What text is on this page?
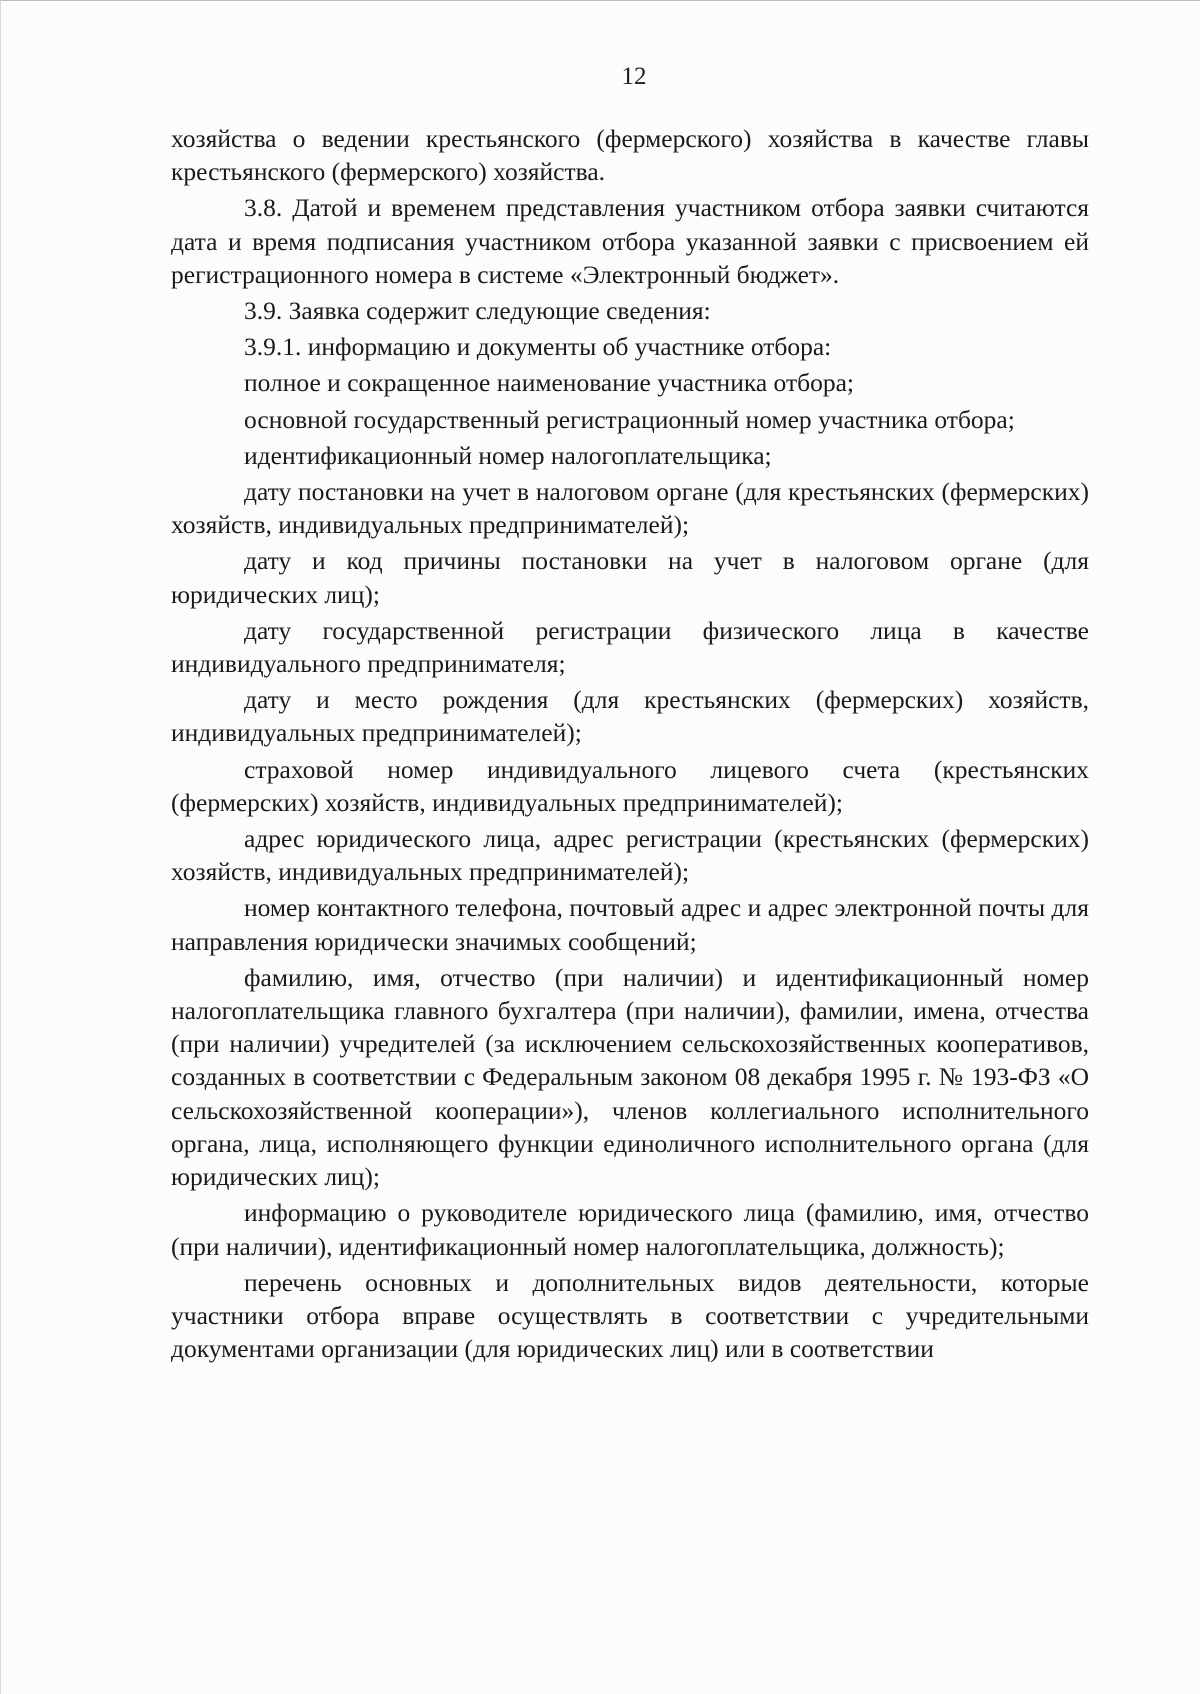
12

хозяйства о ведении крестьянского (фермерского) хозяйства в качестве главы крестьянского (фермерского) хозяйства.

3.8. Датой и временем представления участником отбора заявки считаются дата и время подписания участником отбора указанной заявки с присвоением ей регистрационного номера в системе «Электронный бюджет».

3.9. Заявка содержит следующие сведения:

3.9.1. информацию и документы об участнике отбора:

полное и сокращенное наименование участника отбора;

основной государственный регистрационный номер участника отбора;

идентификационный номер налогоплательщика;

дату постановки на учет в налоговом органе (для крестьянских (фермерских) хозяйств, индивидуальных предпринимателей);

дату и код причины постановки на учет в налоговом органе (для юридических лиц);

дату государственной регистрации физического лица в качестве индивидуального предпринимателя;

дату и место рождения (для крестьянских (фермерских) хозяйств, индивидуальных предпринимателей);

страховой номер индивидуального лицевого счета (крестьянских (фермерских) хозяйств, индивидуальных предпринимателей);

адрес юридического лица, адрес регистрации (крестьянских (фермерских) хозяйств, индивидуальных предпринимателей);

номер контактного телефона, почтовый адрес и адрес электронной почты для направления юридически значимых сообщений;

фамилию, имя, отчество (при наличии) и идентификационный номер налогоплательщика главного бухгалтера (при наличии), фамилии, имена, отчества (при наличии) учредителей (за исключением сельскохозяйственных кооперативов, созданных в соответствии с Федеральным законом 08 декабря 1995 г. № 193-ФЗ «О сельскохозяйственной кооперации»), членов коллегиального исполнительного органа, лица, исполняющего функции единоличного исполнительного органа (для юридических лиц);

информацию о руководителе юридического лица (фамилию, имя, отчество (при наличии), идентификационный номер налогоплательщика, должность);

перечень основных и дополнительных видов деятельности, которые участники отбора вправе осуществлять в соответствии с учредительными документами организации (для юридических лиц) или в соответствии
